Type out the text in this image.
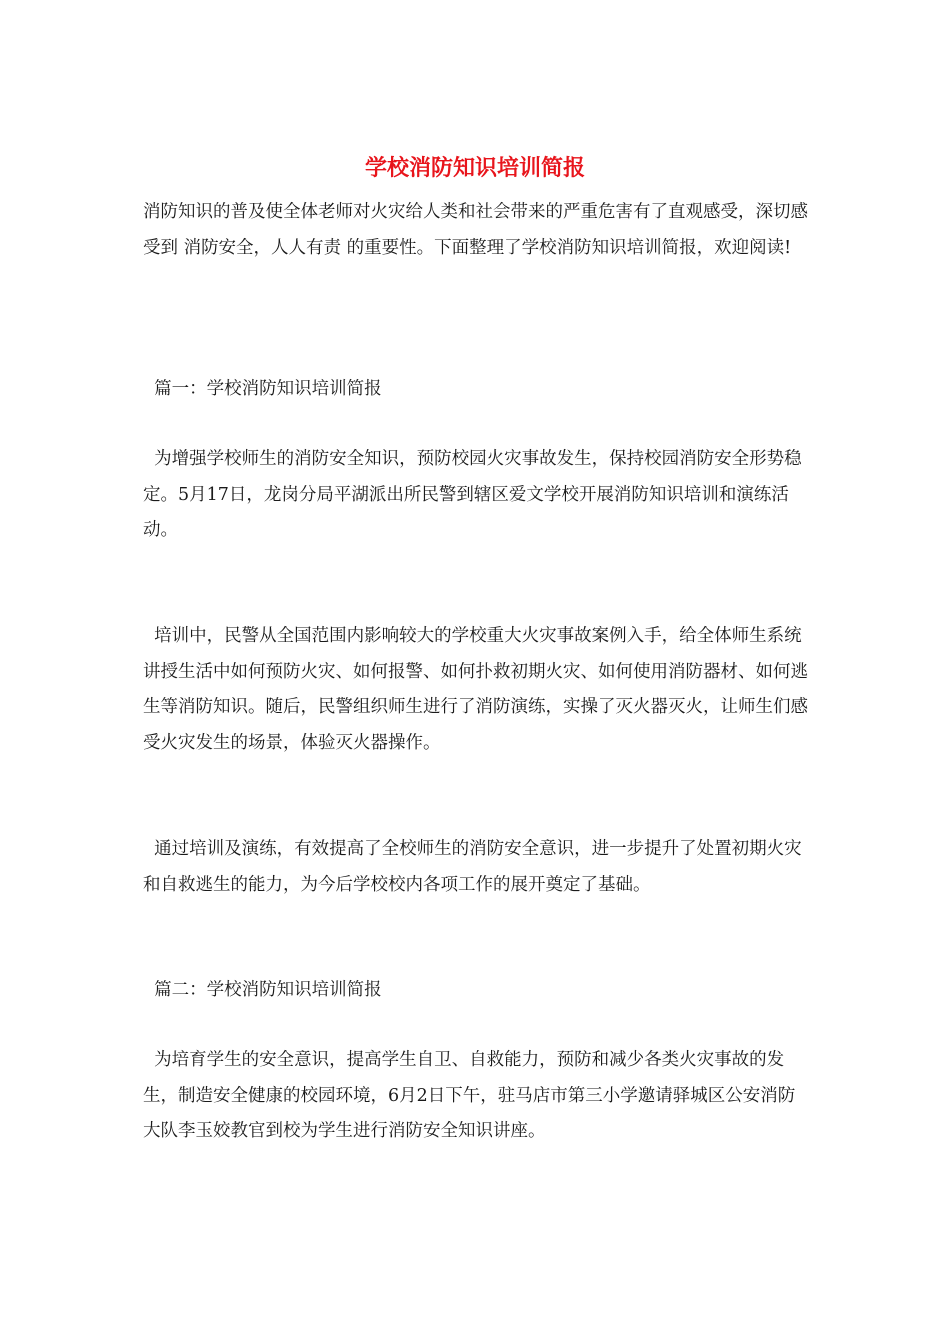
学校消防知识培训简报

消防知识的普及使全体老师对火灾给人类和社会带来的严重危害有了直观感受，深切感受到 消防安全，人人有责 的重要性。下面整理了学校消防知识培训简报，欢迎阅读!

篇一：学校消防知识培训简报

为增强学校师生的消防安全知识，预防校园火灾事故发生，保持校园消防安全形势稳定。5月17日，龙岗分局平湖派出所民警到辖区爱文学校开展消防知识培训和演练活动。

培训中，民警从全国范围内影响较大的学校重大火灾事故案例入手，给全体师生系统讲授生活中如何预防火灾、如何报警、如何扑救初期火灾、如何使用消防器材、如何逃生等消防知识。随后，民警组织师生进行了消防演练，实操了灭火器灭火，让师生们感受火灾发生的场景，体验灭火器操作。

通过培训及演练，有效提高了全校师生的消防安全意识，进一步提升了处置初期火灾和自救逃生的能力，为今后学校校内各项工作的展开奠定了基础。

篇二：学校消防知识培训简报

为培育学生的安全意识，提高学生自卫、自救能力，预防和减少各类火灾事故的发生，制造安全健康的校园环境，6月2日下午，驻马店市第三小学邀请驿城区公安消防大队李玉姣教官到校为学生进行消防安全知识讲座。
